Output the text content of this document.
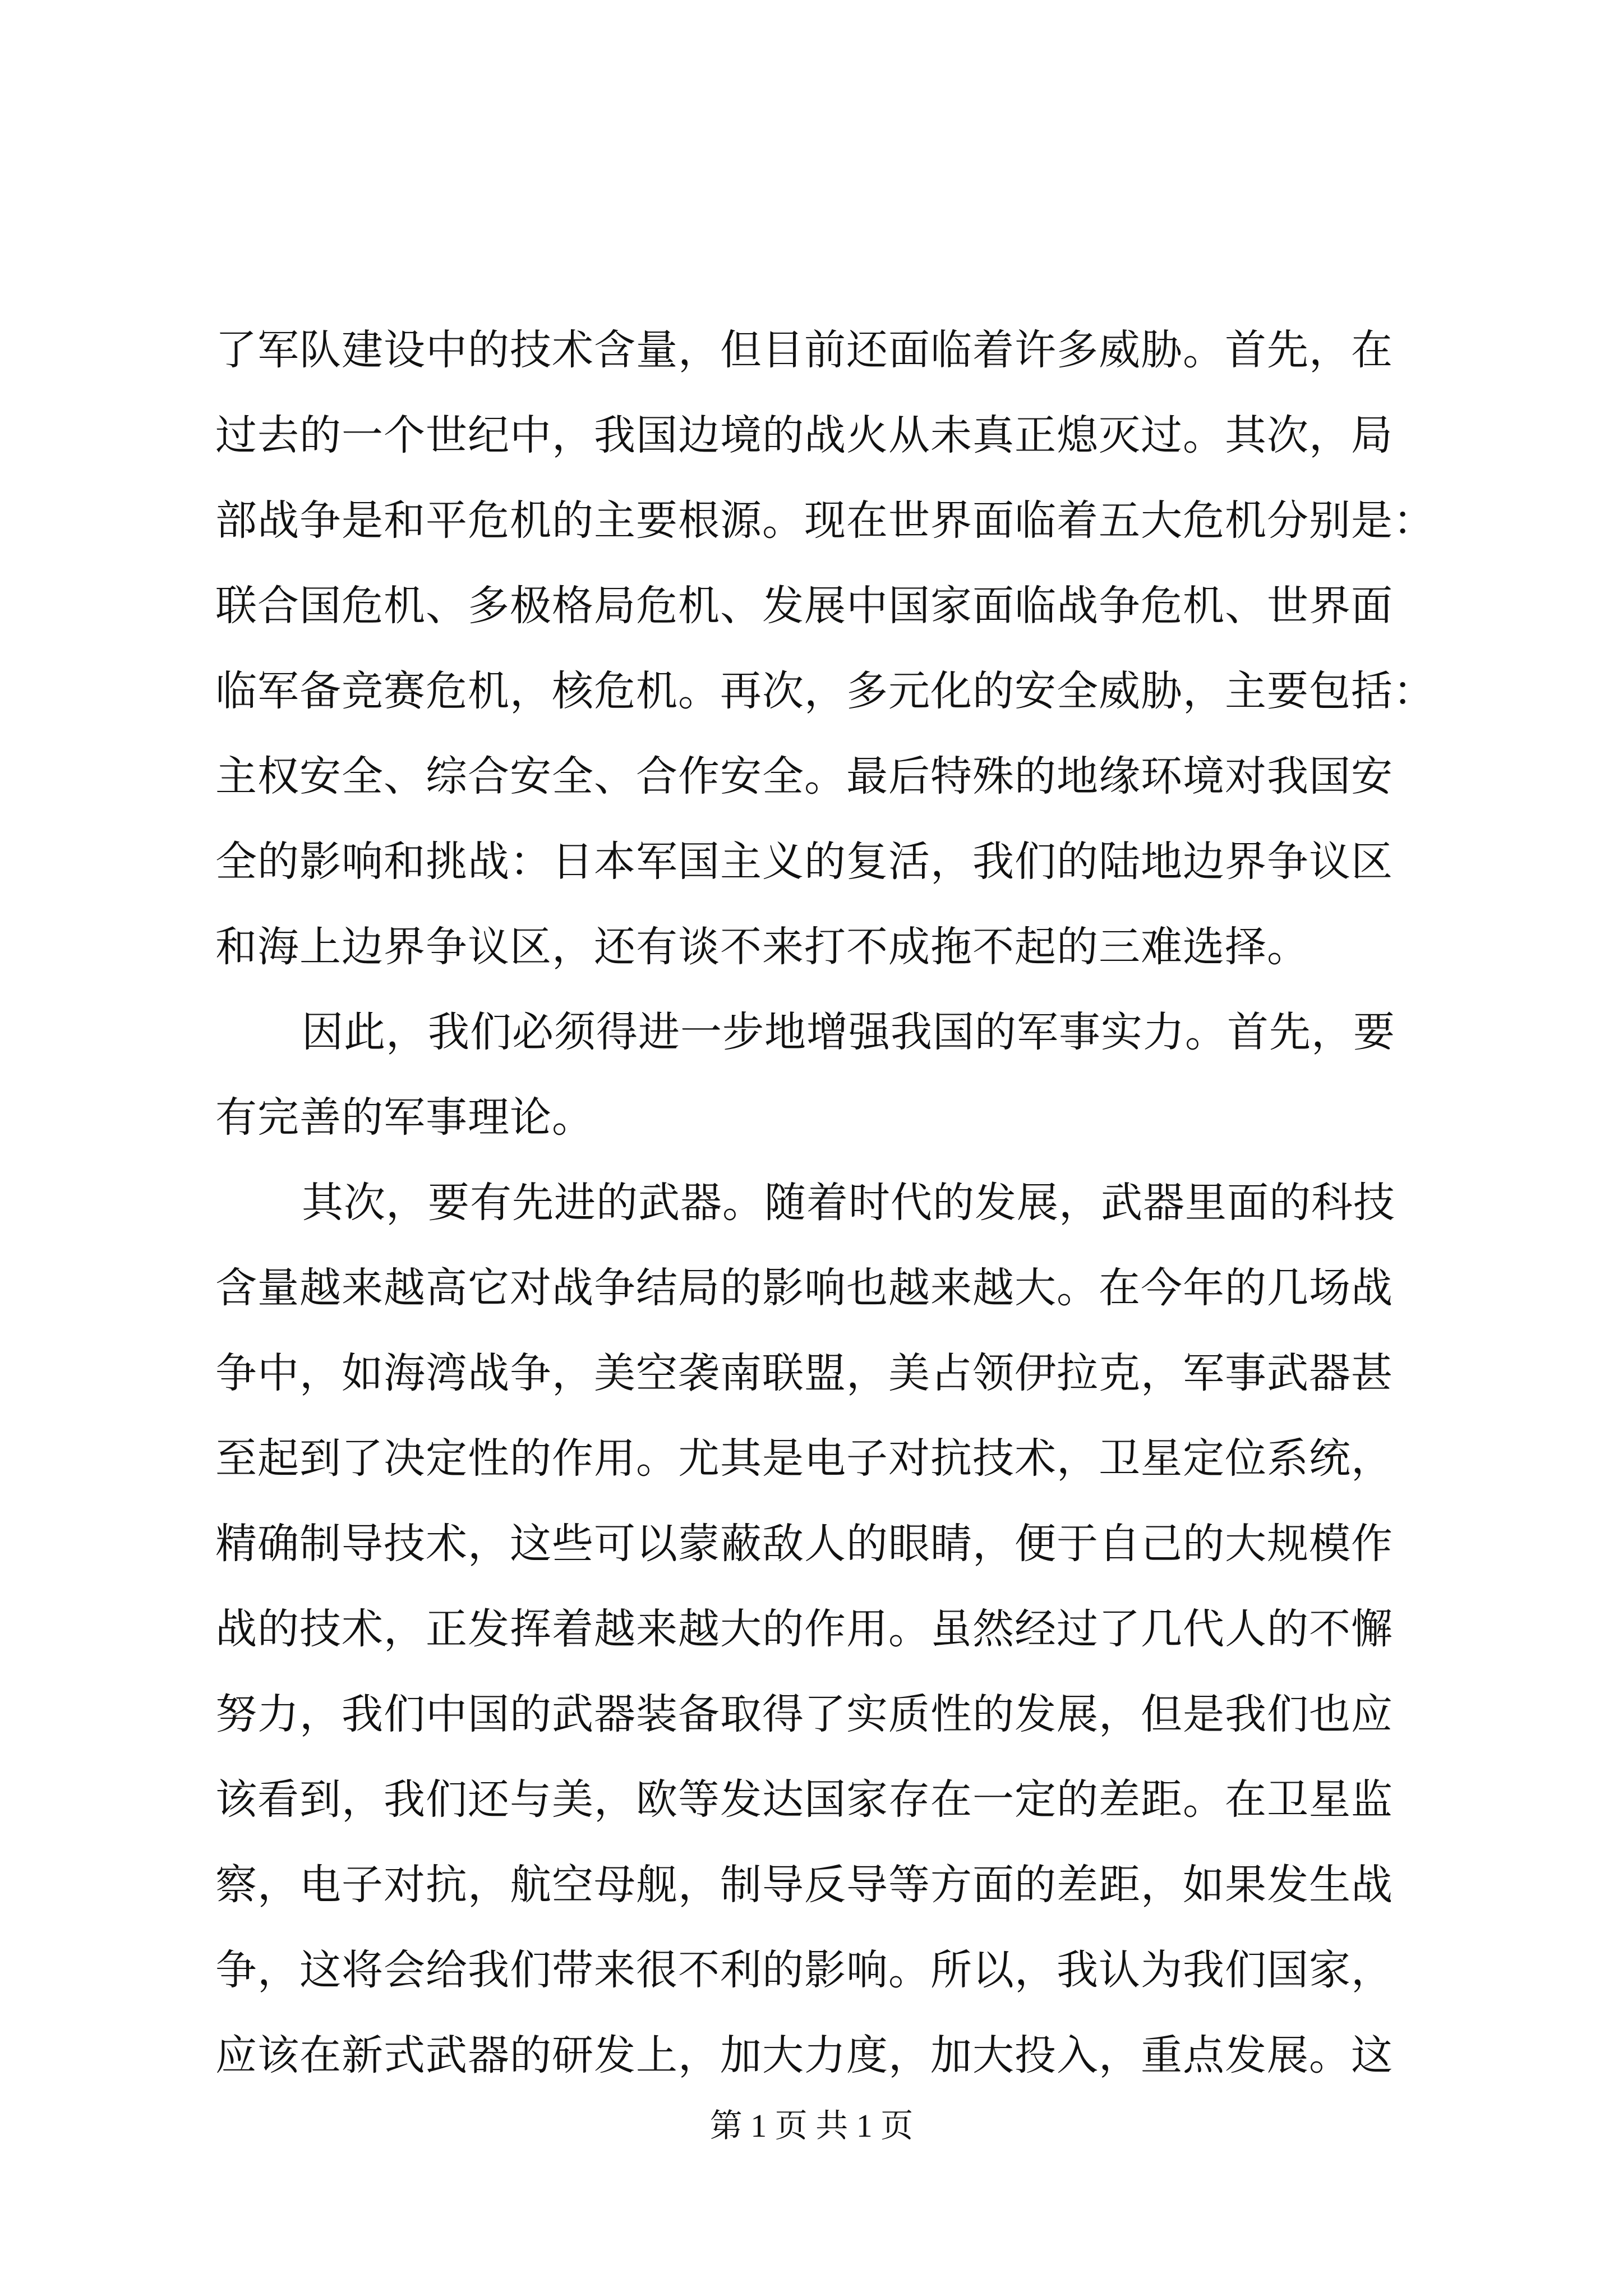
了军队建设中的技术含量，但目前还面临着许多威胁。首先，在
过去的一个世纪中，我国边境的战火从未真正熄灭过。其次，局
部战争是和平危机的主要根源。现在世界面临着五大危机分别是：
联合国危机、多极格局危机、发展中国家面临战争危机、世界面
临军备竞赛危机，核危机。再次，多元化的安全威胁，主要包括：
主权安全、综合安全、合作安全。最后特殊的地缘环境对我国安
全的影响和挑战：日本军国主义的复活，我们的陆地边界争议区
和海上边界争议区，还有谈不来打不成拖不起的三难选择。
因此，我们必须得进一步地增强我国的军事实力。首先，要
有完善的军事理论。
其次，要有先进的武器。随着时代的发展，武器里面的科技
含量越来越高它对战争结局的影响也越来越大。在今年的几场战
争中，如海湾战争，美空袭南联盟，美占领伊拉克，军事武器甚
至起到了决定性的作用。尤其是电子对抗技术，卫星定位系统，
精确制导技术，这些可以蒙蔽敌人的眼睛，便于自己的大规模作
战的技术，正发挥着越来越大的作用。虽然经过了几代人的不懈
努力，我们中国的武器装备取得了实质性的发展，但是我们也应
该看到，我们还与美，欧等发达国家存在一定的差距。在卫星监
察，电子对抗，航空母舰，制导反导等方面的差距，如果发生战
争，这将会给我们带来很不利的影响。所以，我认为我们国家，
应该在新式武器的研发上，加大力度，加大投入，重点发展。这
第 1 页 共 1 页
